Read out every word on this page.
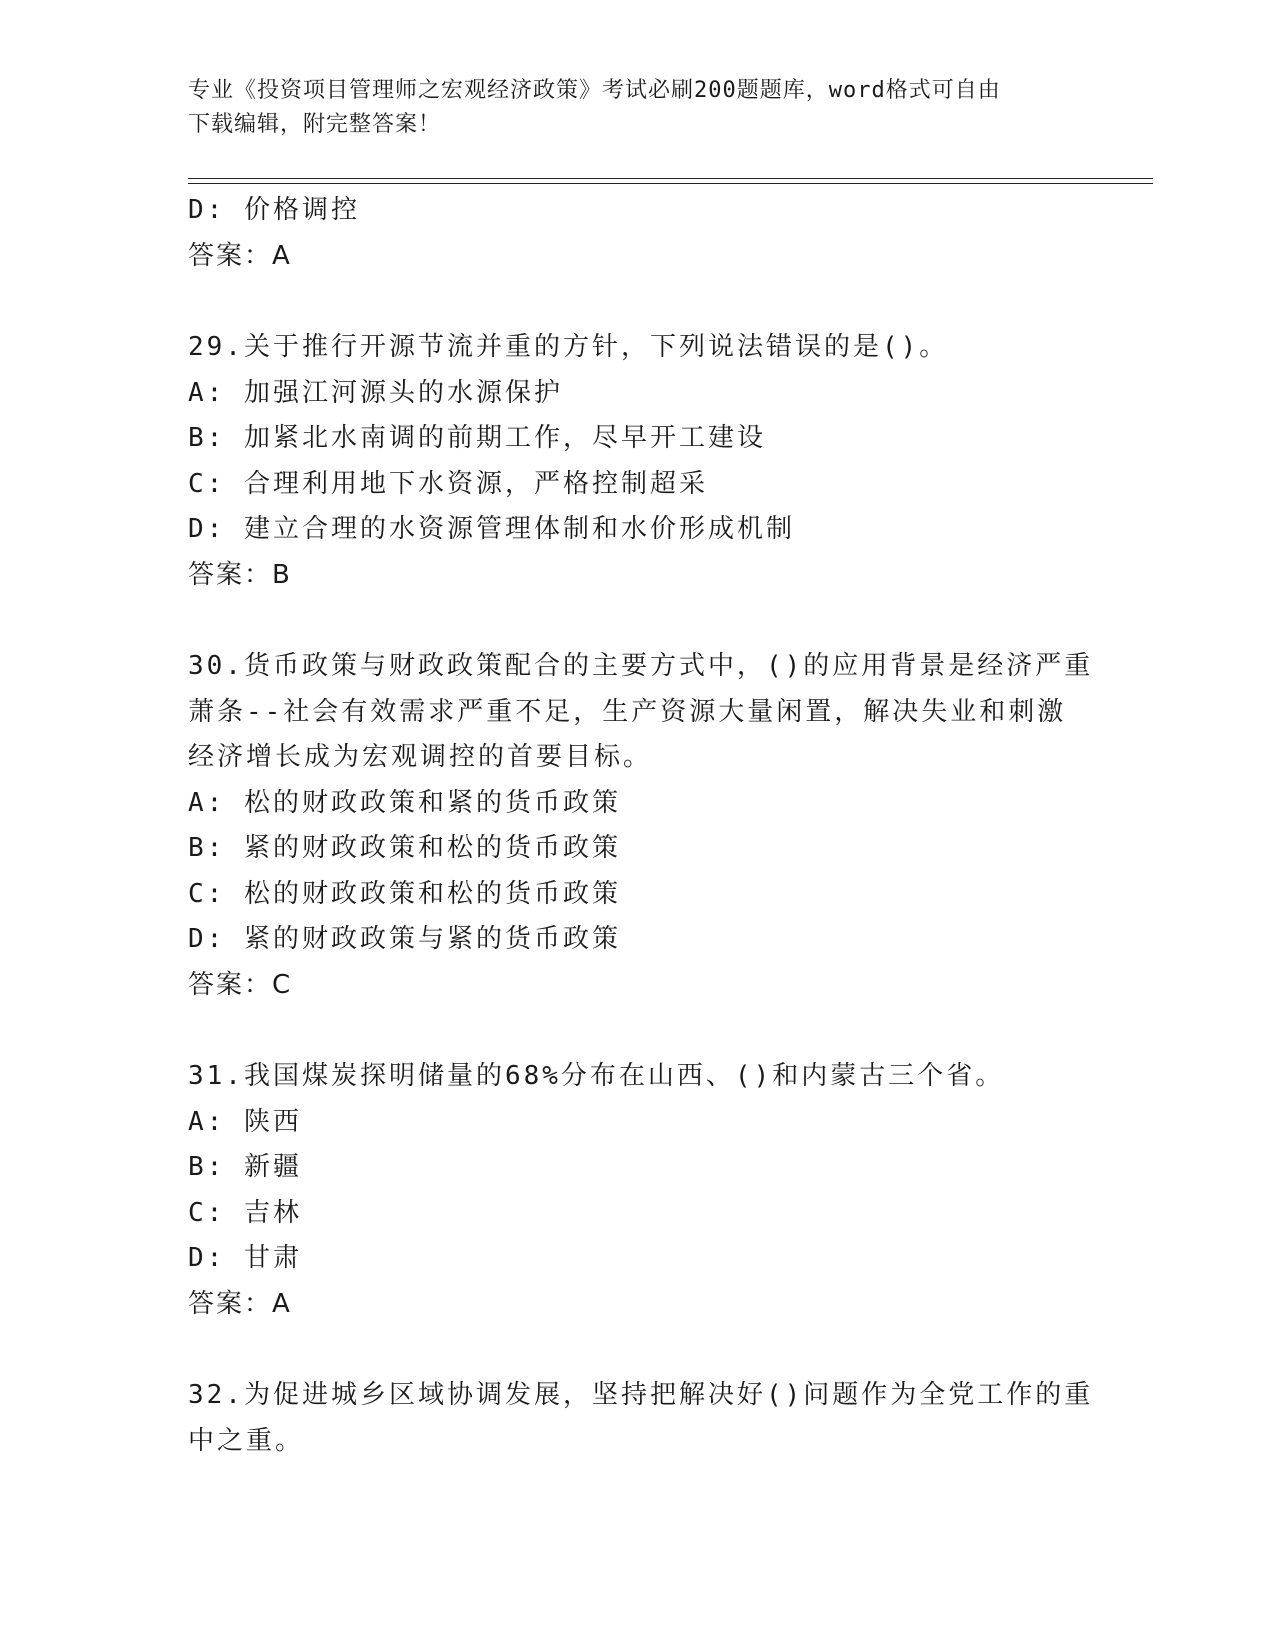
专业《投资项目管理师之宏观经济政策》考试必刷200题题库，word格式可自由
下载编辑，附完整答案！
D: 价格调控
答案：A
29.关于推行开源节流并重的方针，下列说法错误的是()。
A: 加强江河源头的水源保护
B: 加紧北水南调的前期工作，尽早开工建设
C: 合理利用地下水资源，严格控制超采
D: 建立合理的水资源管理体制和水价形成机制
答案：B
30.货币政策与财政政策配合的主要方式中，()的应用背景是经济严重
萧条--社会有效需求严重不足，生产资源大量闲置，解决失业和刺激
经济增长成为宏观调控的首要目标。
A: 松的财政政策和紧的货币政策
B: 紧的财政政策和松的货币政策
C: 松的财政政策和松的货币政策
D: 紧的财政政策与紧的货币政策
答案：C
31.我国煤炭探明储量的68%分布在山西、()和内蒙古三个省。
A: 陕西
B: 新疆
C: 吉林
D: 甘肃
答案：A
32.为促进城乡区域协调发展，坚持把解决好()问题作为全党工作的重
中之重。
